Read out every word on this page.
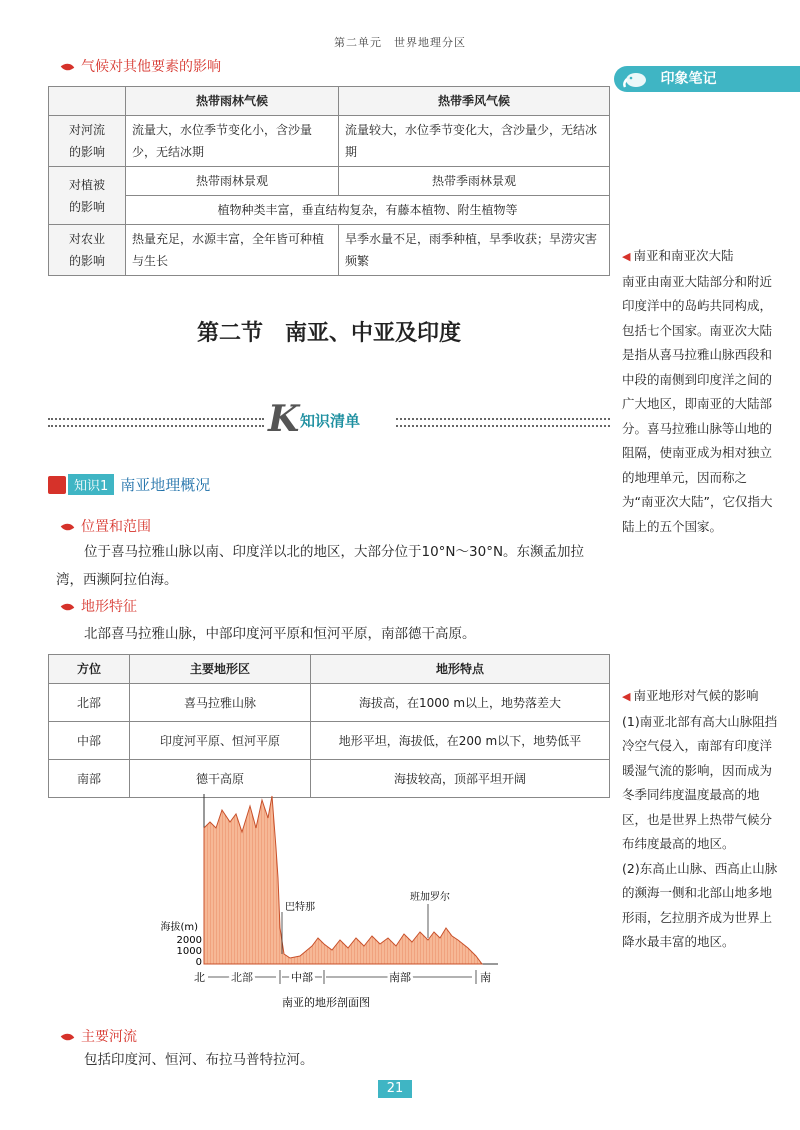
第二单元　世界地理分区
印象笔记
气候对其他要素的影响
	热带雨林气候	热带季风气候
对河流
的影响	流量大，水位季节变化小，含沙量少，无结冰期	流量较大，水位季节变化大，含沙量少，无结冰期
对植被
的影响	热带雨林景观	热带季雨林景观
	植物种类丰富，垂直结构复杂，有藤本植物、附生植物等	
对农业
的影响	热量充足，水源丰富，全年皆可种植与生长	旱季水量不足，雨季种植，旱季收获；旱涝灾害频繁
第二节　南亚、中亚及印度
K 知识清单
知识1 南亚地理概况
位置和范围
位于喜马拉雅山脉以南、印度洋以北的地区，大部分位于10°N～30°N。东濒孟加拉湾，西濒阿拉伯海。
地形特征
北部喜马拉雅山脉，中部印度河平原和恒河平原，南部德干高原。
方位	主要地形区	地形特点
北部	喜马拉雅山脉	海拔高，在1000 m以上，地势落差大
中部	印度河平原、恒河平原	地形平坦，海拔低，在200 m以下，地势低平
南部	德干高原	海拔较高，顶部平坦开阔
海拔(m)
2000
1000
0
巴特那
班加罗尔
北 北部	中部	南部	南
南亚的地形剖面图
主要河流
包括印度河、恒河、布拉马普特拉河。
21
◀ 南亚和南亚次大陆
南亚由南亚大陆部分和附近印度洋中的岛屿共同构成，包括七个国家。南亚次大陆是指从喜马拉雅山脉西段和中段的南侧到印度洋之间的广大地区，即南亚的大陆部分。喜马拉雅山脉等山地的阻隔，使南亚成为相对独立的地理单元，因而称之为“南亚次大陆”，它仅指大陆上的五个国家。
◀ 南亚地形对气候的影响
(1)南亚北部有高大山脉阻挡冷空气侵入，南部有印度洋暖湿气流的影响，因而成为冬季同纬度温度最高的地区，也是世界上热带气候分布纬度最高的地区。
(2)东高止山脉、西高止山脉的濒海一侧和北部山地多地形雨，乞拉朋齐成为世界上降水最丰富的地区。
